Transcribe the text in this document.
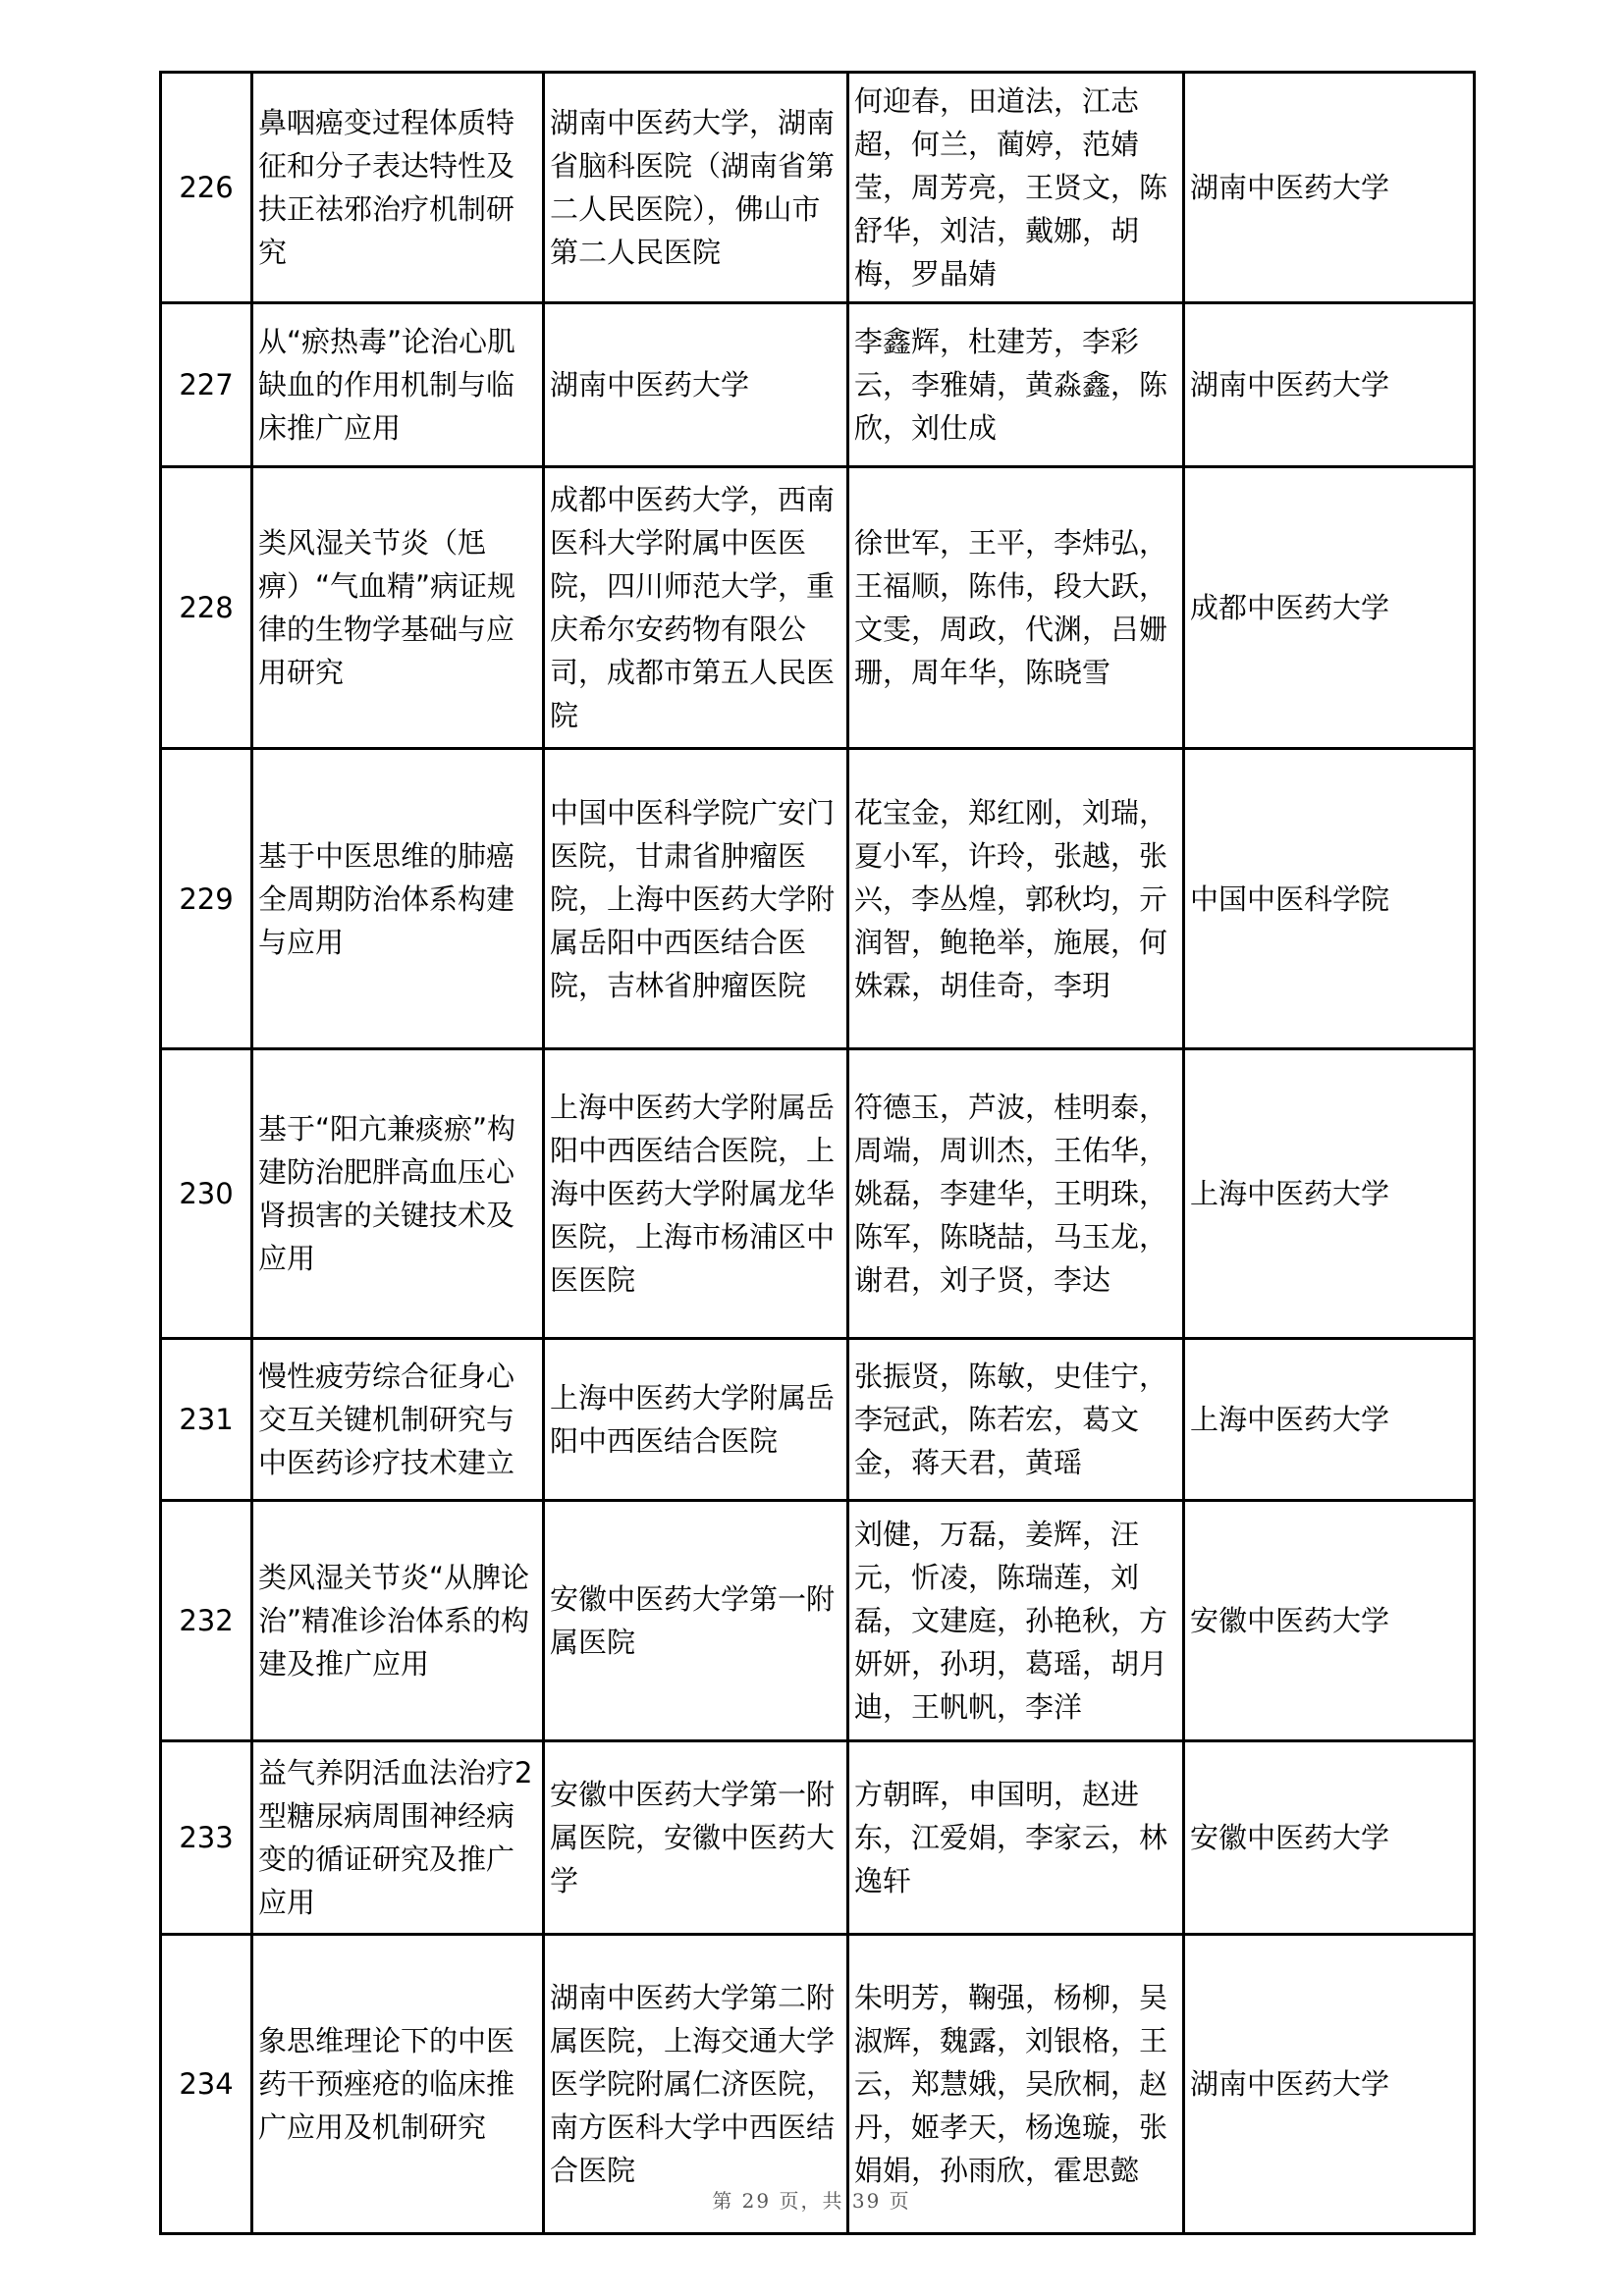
226	鼻咽癌变过程体质特征和分子表达特性及扶正祛邪治疗机制研究	湖南中医药大学，湖南省脑科医院（湖南省第二人民医院），佛山市第二人民医院	何迎春，田道法，江志超，何兰，蔺婷，范婧莹，周芳亮，王贤文，陈舒华，刘洁，戴娜，胡梅，罗晶婧	湖南中医药大学
227	从“瘀热毒”论治心肌缺血的作用机制与临床推广应用	湖南中医药大学	李鑫辉，杜建芳，李彩云，李雅婧，黄淼鑫，陈欣，刘仕成	湖南中医药大学
228	类风湿关节炎（尪痹）“气血精”病证规律的生物学基础与应用研究	成都中医药大学，西南医科大学附属中医医院，四川师范大学，重庆希尔安药物有限公司，成都市第五人民医院	徐世军，王平，李炜弘，王福顺，陈伟，段大跃，文雯，周政，代渊，吕姗珊，周年华，陈晓雪	成都中医药大学
229	基于中医思维的肺癌全周期防治体系构建与应用	中国中医科学院广安门医院，甘肃省肿瘤医院，上海中医药大学附属岳阳中西医结合医院，吉林省肿瘤医院	花宝金，郑红刚，刘瑞，夏小军，许玲，张越，张兴，李丛煌，郭秋均，亓润智，鲍艳举，施展，何姝霖，胡佳奇，李玥	中国中医科学院
230	基于“阳亢兼痰瘀”构建防治肥胖高血压心肾损害的关键技术及应用	上海中医药大学附属岳阳中西医结合医院，上海中医药大学附属龙华医院，上海市杨浦区中医医院	符德玉，芦波，桂明泰，周端，周训杰，王佑华，姚磊，李建华，王明珠，陈军，陈晓喆，马玉龙，谢君，刘子贤，李达	上海中医药大学
231	慢性疲劳综合征身心交互关键机制研究与中医药诊疗技术建立	上海中医药大学附属岳阳中西医结合医院	张振贤，陈敏，史佳宁，李冠武，陈若宏，葛文金，蒋天君，黄瑶	上海中医药大学
232	类风湿关节炎“从脾论治”精准诊治体系的构建及推广应用	安徽中医药大学第一附属医院	刘健，万磊，姜辉，汪元，忻凌，陈瑞莲，刘磊，文建庭，孙艳秋，方妍妍，孙玥，葛瑶，胡月迪，王帆帆，李洋	安徽中医药大学
233	益气养阴活血法治疗2型糖尿病周围神经病变的循证研究及推广应用	安徽中医药大学第一附属医院，安徽中医药大学	方朝晖，申国明，赵进东，江爱娟，李家云，林逸轩	安徽中医药大学
234	象思维理论下的中医药干预痤疮的临床推广应用及机制研究	湖南中医药大学第二附属医院，上海交通大学医学院附属仁济医院，南方医科大学中西医结合医院	朱明芳，鞠强，杨柳，吴淑辉，魏露，刘银格，王云，郑慧娥，吴欣桐，赵丹，姬孝天，杨逸璇，张娟娟，孙雨欣，霍思懿	湖南中医药大学
第 29 页，共 39 页
